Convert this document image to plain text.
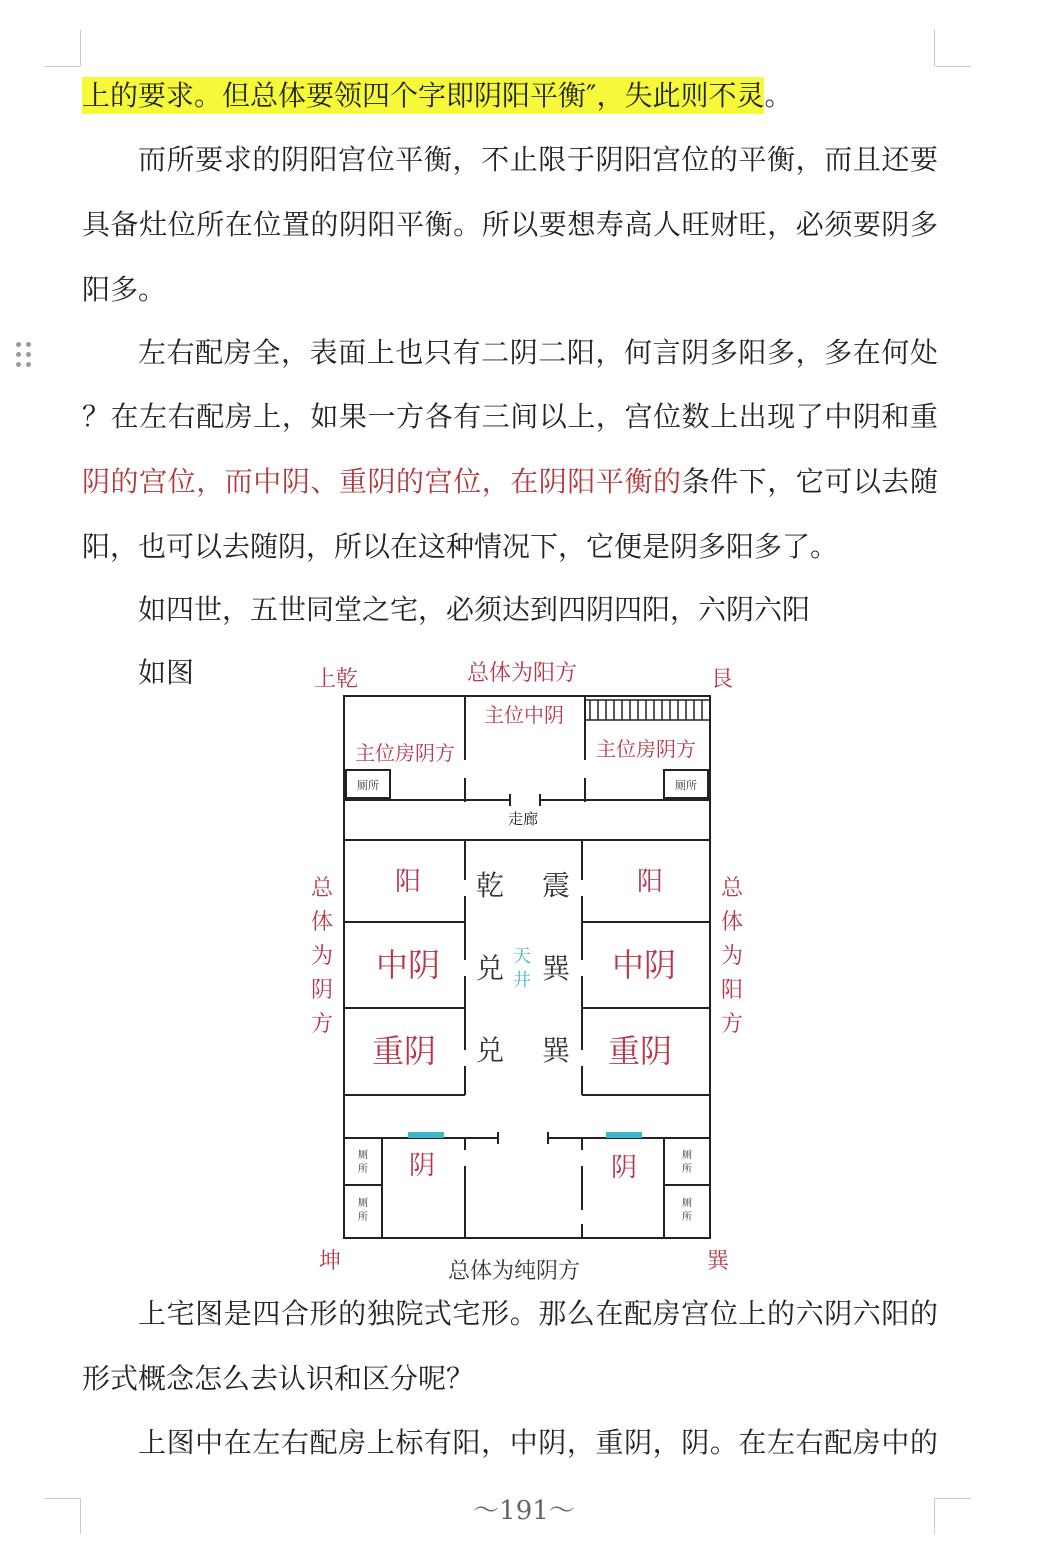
上的要求。但总体要领四个字即阴阳平衡″，失此则不灵。
而所要求的阴阳宫位平衡，不止限于阴阳宫位的平衡，而且还要
具备灶位所在位置的阴阳平衡。所以要想寿高人旺财旺，必须要阴多
阳多。
左右配房全，表面上也只有二阴二阳，何言阴多阳多，多在何处
？在左右配房上，如果一方各有三间以上，宫位数上出现了中阴和重
阴的宫位，而中阴、重阴的宫位，在阴阳平衡的条件下，它可以去随
阳，也可以去随阴，所以在这种情况下，它便是阴多阳多了。
如四世，五世同堂之宅，必须达到四阴四阳，六阴六阳
如图
上宅图是四合形的独院式宅形。那么在配房宫位上的六阴六阳的
形式概念怎么去认识和区分呢？
上图中在左右配房上标有阳，中阴，重阴，阴。在左右配房中的
总体为阳方
上乾	艮
坤	巽
总体为纯阴方
主位中阴
主位房阴方	主位房阴方
阳	阳
中阴	中阴
重阴	重阴
阴	阴
总
体
为
阴
方
总
体
为
阳
方
乾 震
兑 巽
兑 巽
天
井
走廊
厕所	厕所
厕
所
厕
所
厕
所
厕
所
～191～
